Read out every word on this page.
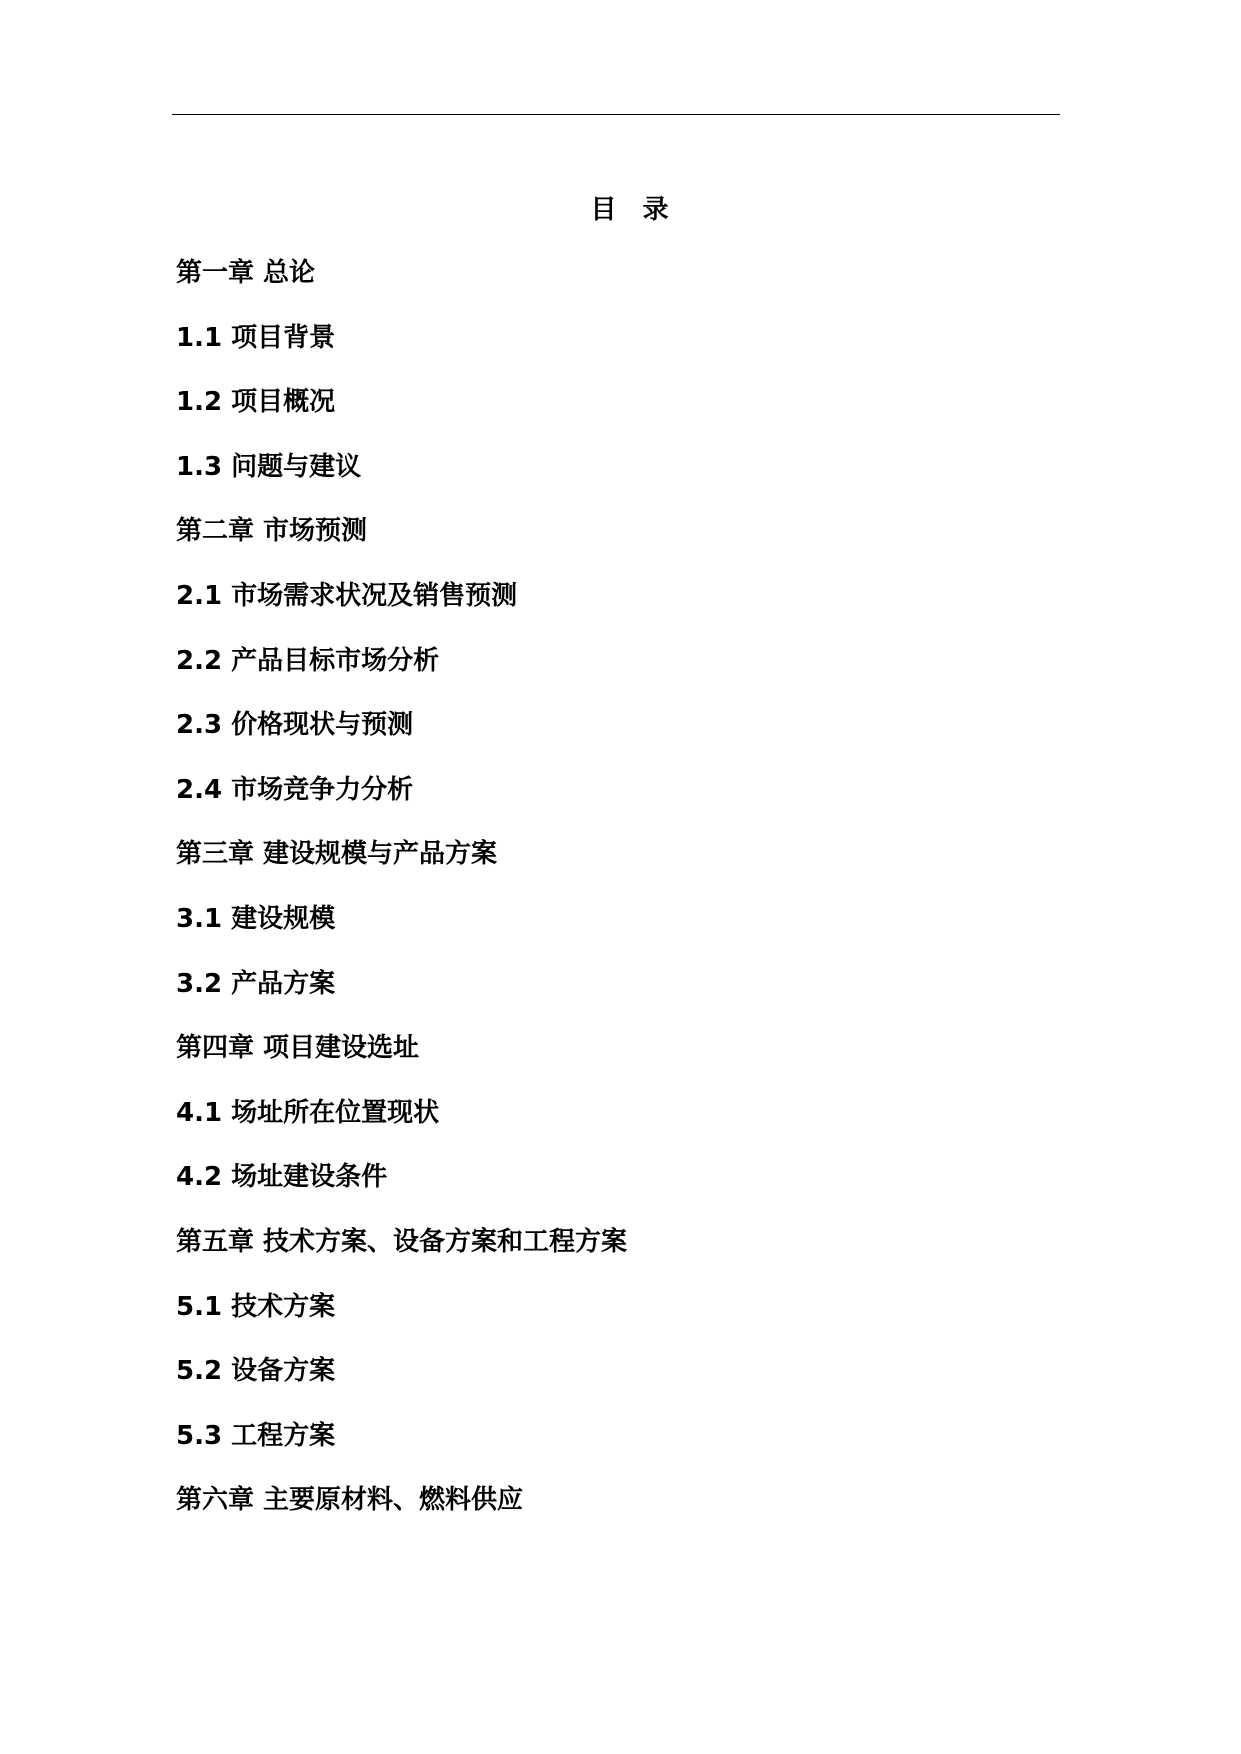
目　录
第一章 总论
1.1 项目背景
1.2 项目概况
1.3 问题与建议
第二章 市场预测
2.1 市场需求状况及销售预测
2.2 产品目标市场分析
2.3 价格现状与预测
2.4 市场竞争力分析
第三章 建设规模与产品方案
3.1 建设规模
3.2 产品方案
第四章 项目建设选址
4.1 场址所在位置现状
4.2 场址建设条件
第五章 技术方案、设备方案和工程方案
5.1 技术方案
5.2 设备方案
5.3 工程方案
第六章 主要原材料、燃料供应
